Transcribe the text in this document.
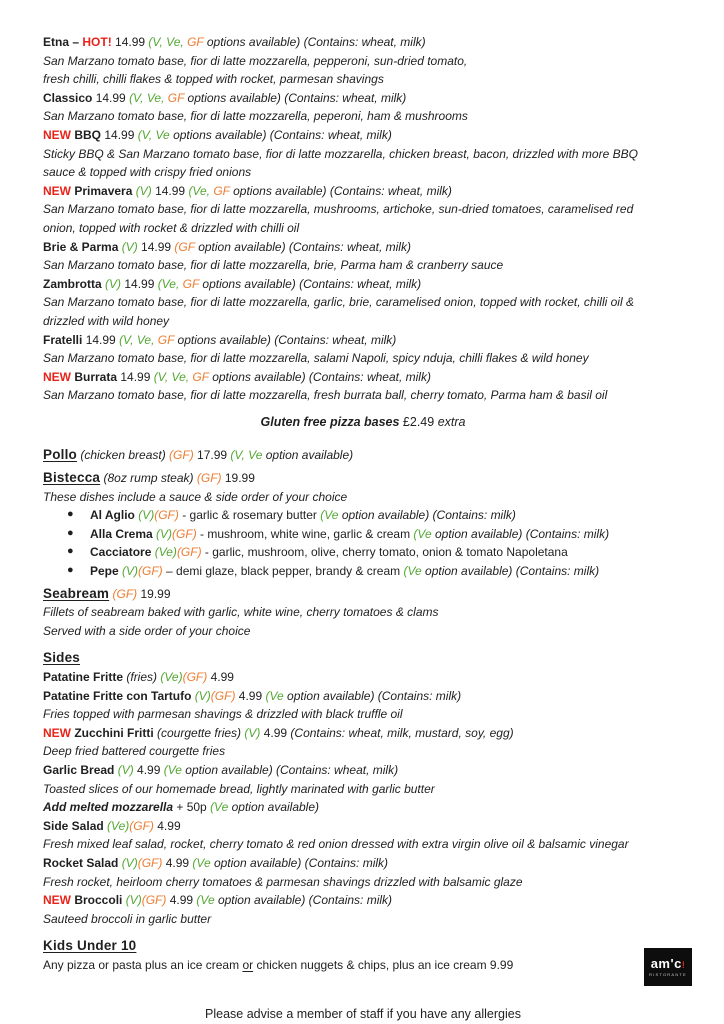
Etna – HOT! 14.99 (V, Ve, GF options available) (Contains: wheat, milk)
San Marzano tomato base, fior di latte mozzarella, pepperoni, sun-dried tomato,
fresh chilli, chilli flakes & topped with rocket, parmesan shavings
Classico 14.99 (V, Ve, GF options available) (Contains: wheat, milk)
San Marzano tomato base, fior di latte mozzarella, peperoni, ham & mushrooms
NEW BBQ 14.99 (V, Ve options available) (Contains: wheat, milk)
Sticky BBQ & San Marzano tomato base, fior di latte mozzarella, chicken breast, bacon, drizzled with more BBQ
sauce & topped with crispy fried onions
NEW Primavera (V) 14.99 (Ve, GF options available) (Contains: wheat, milk)
San Marzano tomato base, fior di latte mozzarella, mushrooms, artichoke, sun-dried tomatoes, caramelised red
onion, topped with rocket & drizzled with chilli oil
Brie & Parma (V) 14.99 (GF option available) (Contains: wheat, milk)
San Marzano tomato base, fior di latte mozzarella, brie, Parma ham & cranberry sauce
Zambrotta (V) 14.99 (Ve, GF options available) (Contains: wheat, milk)
San Marzano tomato base, fior di latte mozzarella, garlic, brie, caramelised onion, topped with rocket, chilli oil &
drizzled with wild honey
Fratelli 14.99 (V, Ve, GF options available) (Contains: wheat, milk)
San Marzano tomato base, fior di latte mozzarella, salami Napoli, spicy nduja, chilli flakes & wild honey
NEW Burrata 14.99 (V, Ve, GF options available) (Contains: wheat, milk)
San Marzano tomato base, fior di latte mozzarella, fresh burrata ball, cherry tomato, Parma ham & basil oil
Gluten free pizza bases £2.49 extra
Pollo (chicken breast) (GF) 17.99 (V, Ve option available)
Bistecca (8oz rump steak) (GF) 19.99
These dishes include a sauce & side order of your choice
● Al Aglio (V)(GF) - garlic & rosemary butter (Ve option available) (Contains: milk)
● Alla Crema (V)(GF) - mushroom, white wine, garlic & cream (Ve option available) (Contains: milk)
● Cacciatore (Ve)(GF) - garlic, mushroom, olive, cherry tomato, onion & tomato Napoletana
● Pepe (V)(GF) – demi glaze, black pepper, brandy & cream (Ve option available) (Contains: milk)
Seabream (GF) 19.99
Fillets of seabream baked with garlic, white wine, cherry tomatoes & clams
Served with a side order of your choice
Sides
Patatine Fritte (fries) (Ve)(GF) 4.99
Patatine Fritte con Tartufo (V)(GF) 4.99 (Ve option available) (Contains: milk)
Fries topped with parmesan shavings & drizzled with black truffle oil
NEW Zucchini Fritti (courgette fries) (V) 4.99 (Contains: wheat, milk, mustard, soy, egg)
Deep fried battered courgette fries
Garlic Bread (V) 4.99 (Ve option available) (Contains: wheat, milk)
Toasted slices of our homemade bread, lightly marinated with garlic butter
Add melted mozzarella + 50p (Ve option available)
Side Salad (Ve)(GF) 4.99
Fresh mixed leaf salad, rocket, cherry tomato & red onion dressed with extra virgin olive oil & balsamic vinegar
Rocket Salad (V)(GF) 4.99 (Ve option available) (Contains: milk)
Fresh rocket, heirloom cherry tomatoes & parmesan shavings drizzled with balsamic glaze
NEW Broccoli (V)(GF) 4.99 (Ve option available) (Contains: milk)
Sauteed broccoli in garlic butter
Kids Under 10
Any pizza or pasta plus an ice cream or chicken nuggets & chips, plus an ice cream 9.99
Please advise a member of staff if you have any allergies
am'c!
RISTORANTE
